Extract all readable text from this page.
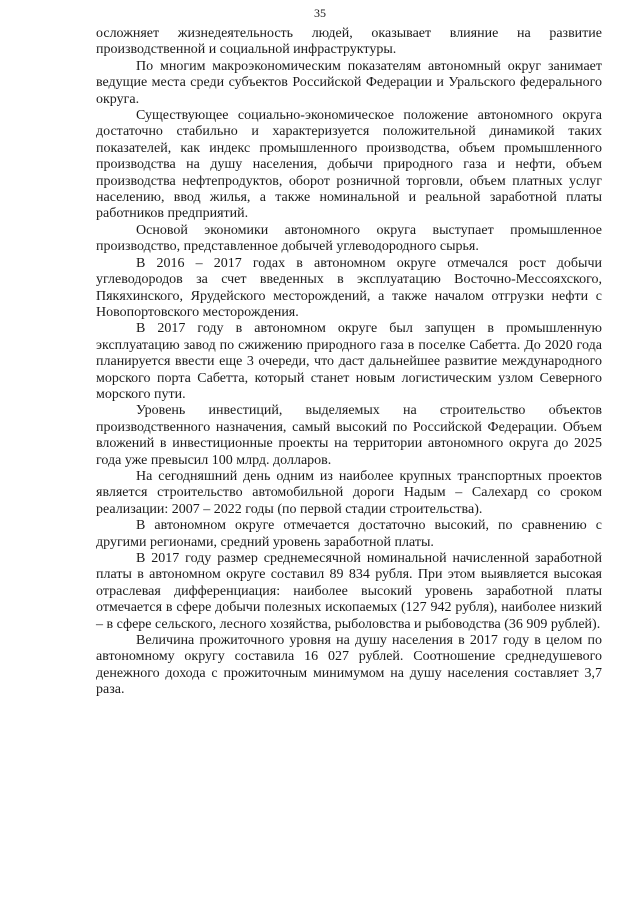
35

осложняет жизнедеятельность людей, оказывает влияние на развитие производственной и социальной инфраструктуры.

По многим макроэкономическим показателям автономный округ занимает ведущие места среди субъектов Российской Федерации и Уральского федерального округа.

Существующее социально-экономическое положение автономного округа достаточно стабильно и характеризуется положительной динамикой таких показателей, как индекс промышленного производства, объем промышленного производства на душу населения, добычи природного газа и нефти, объем производства нефтепродуктов, оборот розничной торговли, объем платных услуг населению, ввод жилья, а также номинальной и реальной заработной платы работников предприятий.

Основой экономики автономного округа выступает промышленное производство, представленное добычей углеводородного сырья.

В 2016 – 2017 годах в автономном округе отмечался рост добычи углеводородов за счет введенных в эксплуатацию Восточно-Мессояхского, Пякяхинского, Ярудейского месторождений, а также началом отгрузки нефти с Новопортовского месторождения.

В 2017 году в автономном округе был запущен в промышленную эксплуатацию завод по сжижению природного газа в поселке Сабетта. До 2020 года планируется ввести еще 3 очереди, что даст дальнейшее развитие международного морского порта Сабетта, который станет новым логистическим узлом Северного морского пути.

Уровень инвестиций, выделяемых на строительство объектов производственного назначения, самый высокий по Российской Федерации. Объем вложений в инвестиционные проекты на территории автономного округа до 2025 года уже превысил 100 млрд. долларов.

На сегодняшний день одним из наиболее крупных транспортных проектов является строительство автомобильной дороги Надым – Салехард со сроком реализации: 2007 – 2022 годы (по первой стадии строительства).

В автономном округе отмечается достаточно высокий, по сравнению с другими регионами, средний уровень заработной платы.

В 2017 году размер среднемесячной номинальной начисленной заработной платы в автономном округе составил 89 834 рубля. При этом выявляется высокая отраслевая дифференциация: наиболее высокий уровень заработной платы отмечается в сфере добычи полезных ископаемых (127 942 рубля), наиболее низкий – в сфере сельского, лесного хозяйства, рыболовства и рыбоводства (36 909 рублей).

Величина прожиточного уровня на душу населения в 2017 году в целом по автономному округу составила 16 027 рублей. Соотношение среднедушевого денежного дохода с прожиточным минимумом на душу населения составляет 3,7 раза.
